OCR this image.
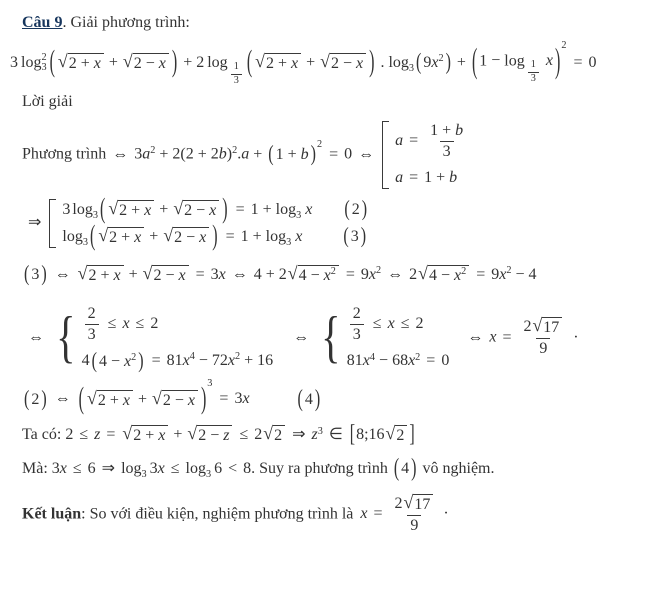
Câu 9. Giải phương trình:
3 log 2
3 ( √ 2 + x + √ 2 − x ) + 2 $\log \frac{1}{3}$ ( √ 2 + x + √ 2 − x ) . log3 ( 9x2 ) + ( $1 - \log \frac{1}{3}$ x ) 2
= 0
Lời giải
Phương trình ⇔ 3a2 + 2(2 + 2b)2.a + ( 1 + b ) 2
= 0 ⇔
$a = \frac{1 + b}{3}$
a = 1 + b
⇒
3 log3 ( √ 2 + x + √ 2 − x ) = 1 + log3 x ( 2 )
log3 ( √ 2 + x + √ 2 − x ) = 1 + log3 x	( 3 )
( 3 ) ⇔ √ 2 + x + √ 2 − x = 3x ⇔ 4 + 2 √ 4 − x2 = 9x2 ⇔ 2 √ 4 − x2 = 9x2 − 4
⇔ { $\frac{2}{3} \le x \le 2$
4 ( 4 − x2 ) = 81x4 − 72x2 + 16
⇔ { $\frac{2}{3} \le x \le 2$
81x4 − 68x2 = 0
⇔ $x = \frac{2 √ 17}{9}$ ·
( 2 ) ⇔ ( √ 2 + x + √ 2 − x ) 3
= 3x	( 4 )
Ta có: 2 ≤ z = √ 2 + x + √ 2 − z ≤ 2 √ 2 ⇒ z3 ∈ [8;16 √ 2 ]
Mà: 3x ≤ 6 ⇒ log3 3x ≤ log3 6 < 8. Suy ra phương trình ( 4 ) vô nghiệm.
Kết luận: So với điều kiện, nghiệm phương trình là $x = \frac{2 √ 17}{9}$ ·
